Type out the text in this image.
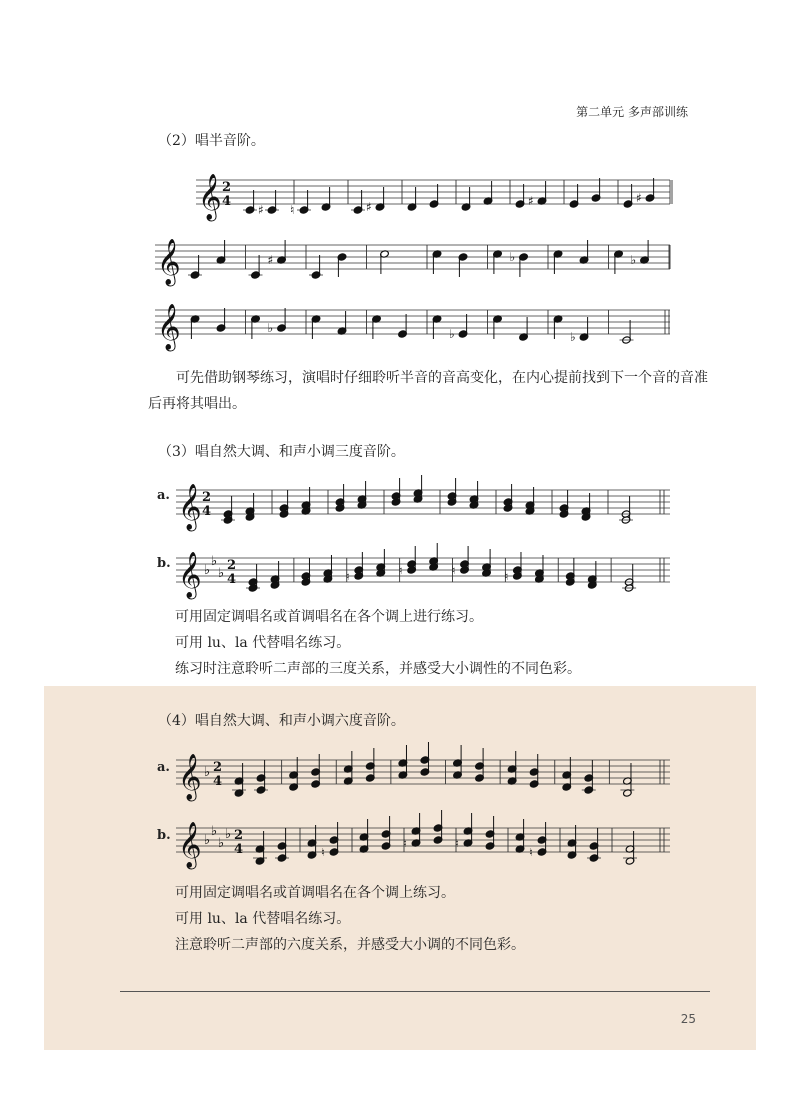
第二单元 多声部训练
（2）唱半音阶。
𝄞 2
4
♯ ♮	♯	♯	♯
𝄞	♯	♭	♭
𝄞	♭	♭	♭
可先借助钢琴练习，演唱时仔细聆听半音的音高变化，在内心提前找到下一个音的音准后再将其唱出。
（3）唱自然大调、和声小调三度音阶。
a. 𝄞 2
4
b. 𝄞 ♭
♭
♭
2
4	♮	♮	♮	♮
可用固定调唱名或首调唱名在各个调上进行练习。
可用 lu、la 代替唱名练习。
练习时注意聆听二声部的三度关系，并感受大小调性的不同色彩。
（4）唱自然大调、和声小调六度音阶。
a. 𝄞 ♭ 2
4
b. 𝄞 ♭
♭
♭
♭ 2
4	♮
♮	♮
♮
可用固定调唱名或首调唱名在各个调上练习。
可用 lu、la 代替唱名练习。
注意聆听二声部的六度关系，并感受大小调的不同色彩。
25
